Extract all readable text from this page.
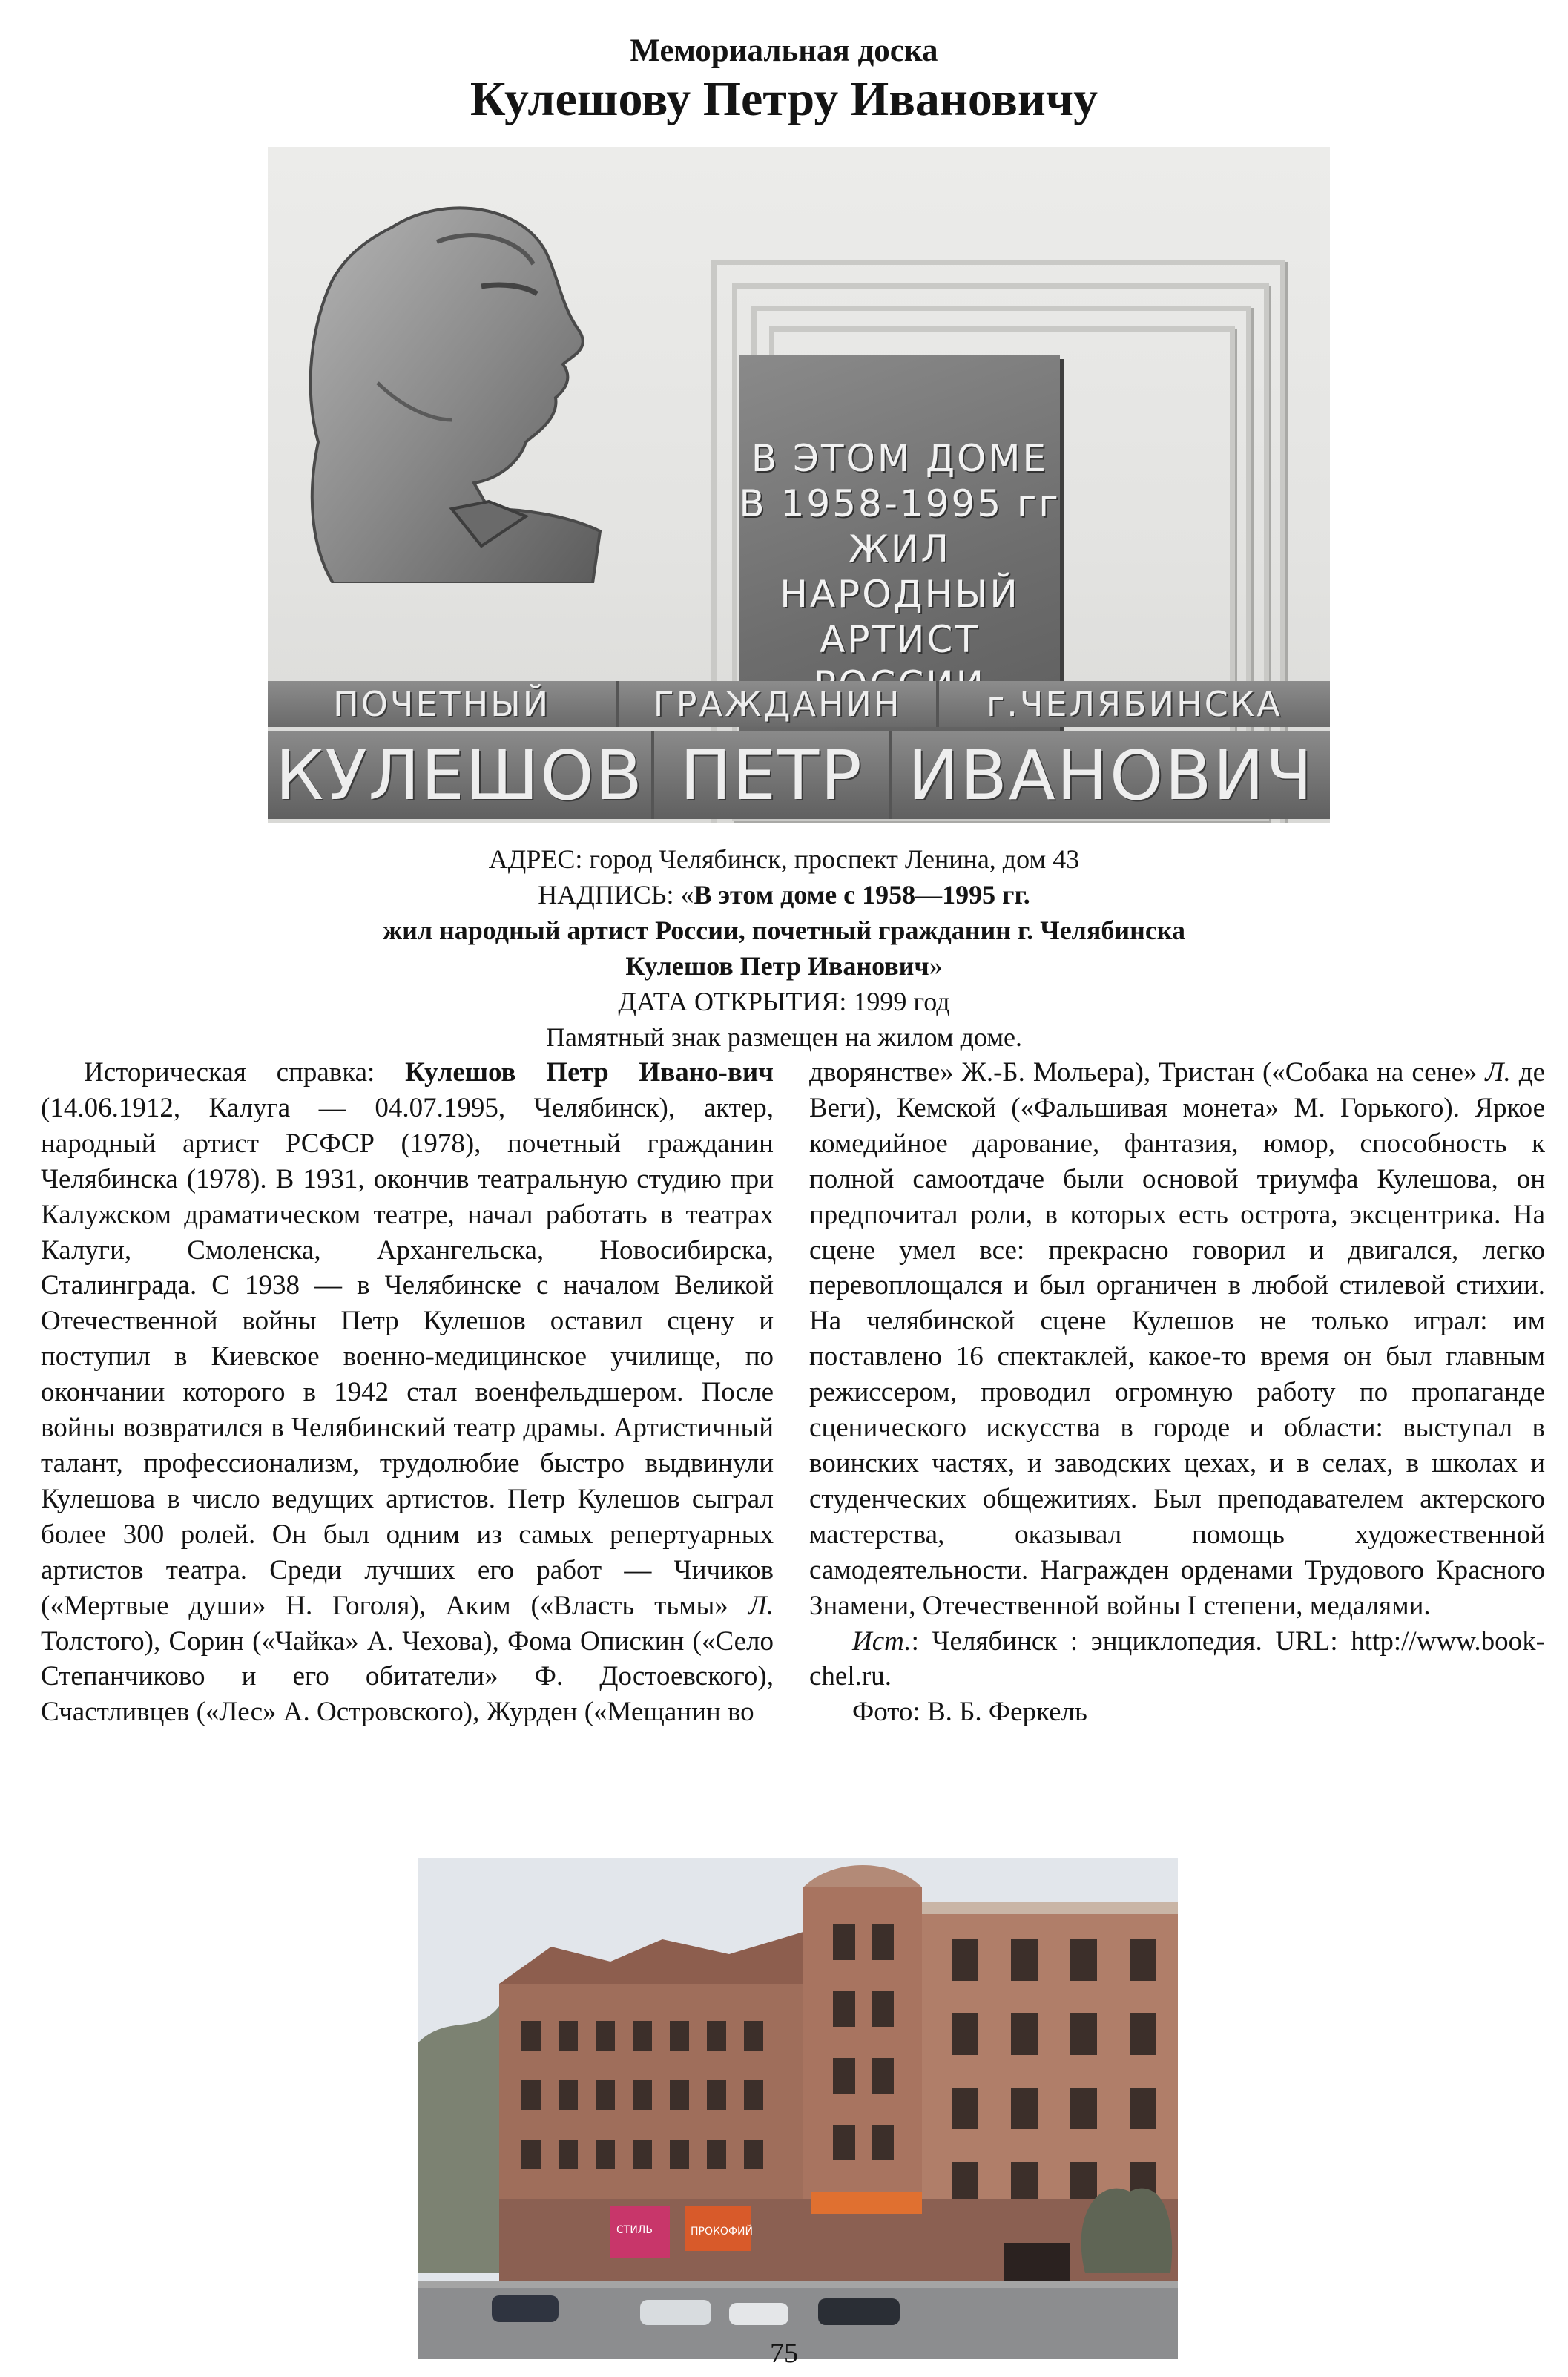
Мемориальная доска
Кулешову Петру Ивановичу
В ЭТОМ ДОМЕ
В 1958-1995 гг
ЖИЛ
НАРОДНЫЙ
АРТИСТ
ПОЧЕТНЫЙ	ГРАЖДАНИН	г.ЧЕЛЯБИНСКА
КУЛЕШОВ ПЕТР ИВАНОВИЧ
АДРЕС: город Челябинск, проспект Ленина, дом 43
НАДПИСЬ: «В этом доме с 1958—1995 гг.
жил народный артист России, почетный гражданин г. Челябинска
Кулешов Петр Иванович»
ДАТА ОТКРЫТИЯ: 1999 год
Памятный знак размещен на жилом доме.
Историческая справка: Кулешов Петр Ивано-вич (14.06.1912, Калуга — 04.07.1995, Челябинск), актер, народный артист РСФСР (1978), почетный гражданин Челябинска (1978). В 1931, окончив театральную студию при Калужском драматическом театре, начал работать в театрах Калуги, Смоленска, Архангельска, Новосибирска, Сталинграда. С 1938 — в Челябинске с началом Великой Отечественной войны Петр Кулешов оставил сцену и поступил в Киевское военно-медицинское училище, по окончании которого в 1942 стал военфельдшером. После войны возвратился в Челябинский театр драмы. Артистичный талант, профессионализм, трудолюбие быстро выдвинули Кулешова в число ведущих артистов. Петр Кулешов сыграл более 300 ролей. Он был одним из самых репертуарных артистов театра. Среди лучших его работ — Чичиков («Мертвые души» Н. Гоголя), Аким («Власть тьмы» Л. Толстого), Сорин («Чайка» А. Чехова), Фома Опискин («Село Степанчиково и его обитатели» Ф. Достоевского), Счастливцев («Лес» А. Островского), Журден («Мещанин во
дворянстве» Ж.-Б. Мольера), Тристан («Собака на сене» Л. де Веги), Кемской («Фальшивая монета» М. Горького). Яркое комедийное дарование, фантазия, юмор, способность к полной самоотдаче были основой триумфа Кулешова, он предпочитал роли, в которых есть острота, эксцентрика. На сцене умел все: прекрасно говорил и двигался, легко перевоплощался и был органичен в любой стилевой стихии. На челябинской сцене Кулешов не только играл: им поставлено 16 спектаклей, какое-то время он был главным режиссером, проводил огромную работу по пропаганде сценического искусства в городе и области: выступал в воинских частях, и заводских цехах, и в селах, в школах и студенческих общежитиях. Был преподавателем актерского мастерства, оказывал помощь художественной самодеятельности. Награжден орденами Трудового Красного Знамени, Отечественной войны I степени, медалями.
Ист.: Челябинск : энциклопедия. URL: http://www.book-chel.ru.
Фото: В. Б. Феркель
ПРОКОФИЙ
СТИЛЬ
75
